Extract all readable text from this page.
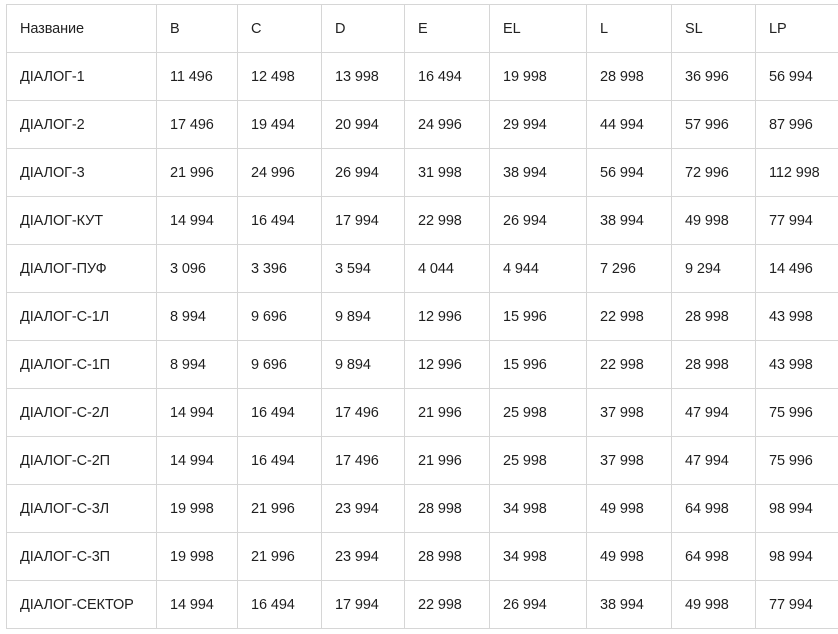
Название	B	C	D	E	EL	L	SL	LP
ДІАЛОГ-1	11 496	12 498	13 998	16 494	19 998	28 998	36 996	56 994
ДІАЛОГ-2	17 496	19 494	20 994	24 996	29 994	44 994	57 996	87 996
ДІАЛОГ-3	21 996	24 996	26 994	31 998	38 994	56 994	72 996	112 998
ДІАЛОГ-КУТ	14 994	16 494	17 994	22 998	26 994	38 994	49 998	77 994
ДІАЛОГ-ПУФ	3 096	3 396	3 594	4 044	4 944	7 296	9 294	14 496
ДІАЛОГ-С-1Л	8 994	9 696	9 894	12 996	15 996	22 998	28 998	43 998
ДІАЛОГ-С-1П	8 994	9 696	9 894	12 996	15 996	22 998	28 998	43 998
ДІАЛОГ-С-2Л	14 994	16 494	17 496	21 996	25 998	37 998	47 994	75 996
ДІАЛОГ-С-2П	14 994	16 494	17 496	21 996	25 998	37 998	47 994	75 996
ДІАЛОГ-С-3Л	19 998	21 996	23 994	28 998	34 998	49 998	64 998	98 994
ДІАЛОГ-С-3П	19 998	21 996	23 994	28 998	34 998	49 998	64 998	98 994
ДІАЛОГ-СЕКТОР	14 994	16 494	17 994	22 998	26 994	38 994	49 998	77 994
